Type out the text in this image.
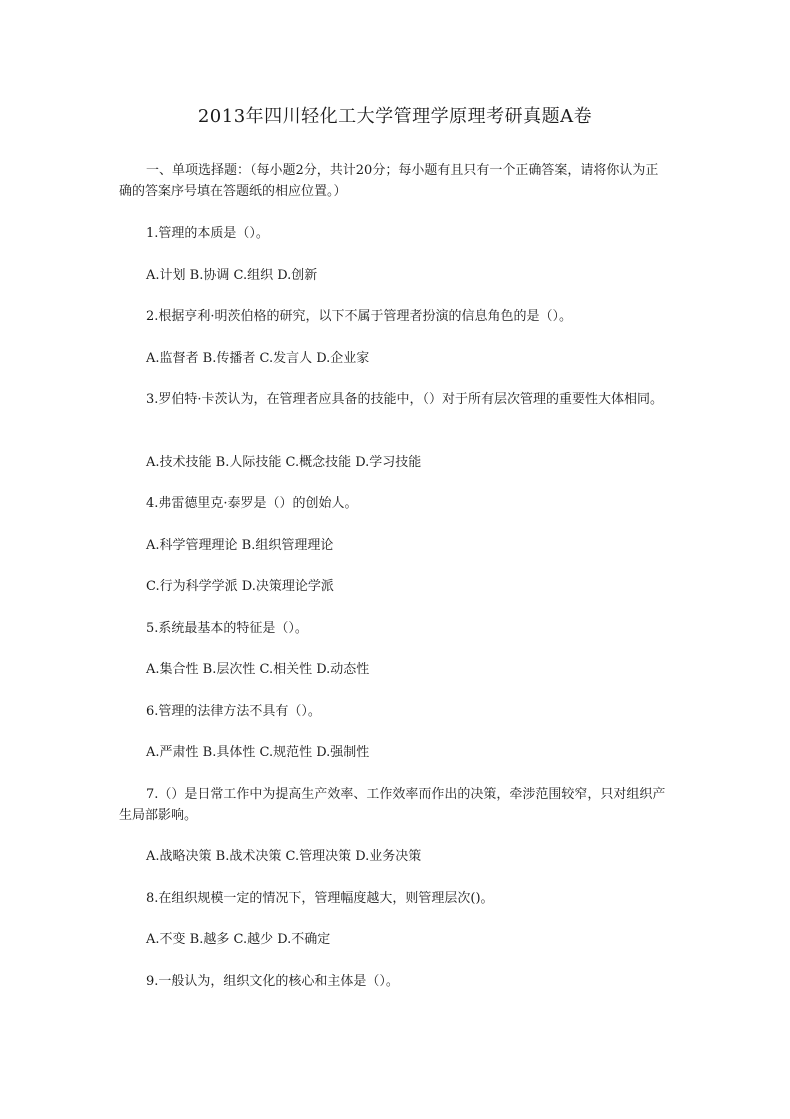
2013年四川轻化工大学管理学原理考研真题A卷

一、单项选择题：（每小题2分，共计20分；每小题有且只有一个正确答案，请将你认为正确的答案序号填在答题纸的相应位置。）

1.管理的本质是（）。

A.计划 B.协调 C.组织 D.创新

2.根据亨利·明茨伯格的研究，以下不属于管理者扮演的信息角色的是（）。

A.监督者 B.传播者 C.发言人 D.企业家

3.罗伯特·卡茨认为，在管理者应具备的技能中，（）对于所有层次管理的重要性大体相同。

A.技术技能 B.人际技能 C.概念技能 D.学习技能

4.弗雷德里克·泰罗是（）的创始人。

A.科学管理理论 B.组织管理理论

C.行为科学学派 D.决策理论学派

5.系统最基本的特征是（）。

A.集合性 B.层次性 C.相关性 D.动态性

6.管理的法律方法不具有（）。

A.严肃性 B.具体性 C.规范性 D.强制性

7.（）是日常工作中为提高生产效率、工作效率而作出的决策，牵涉范围较窄，只对组织产生局部影响。

A.战略决策 B.战术决策 C.管理决策 D.业务决策

8.在组织规模一定的情况下，管理幅度越大，则管理层次()。

A.不变 B.越多 C.越少 D.不确定

9.一般认为，组织文化的核心和主体是（）。
